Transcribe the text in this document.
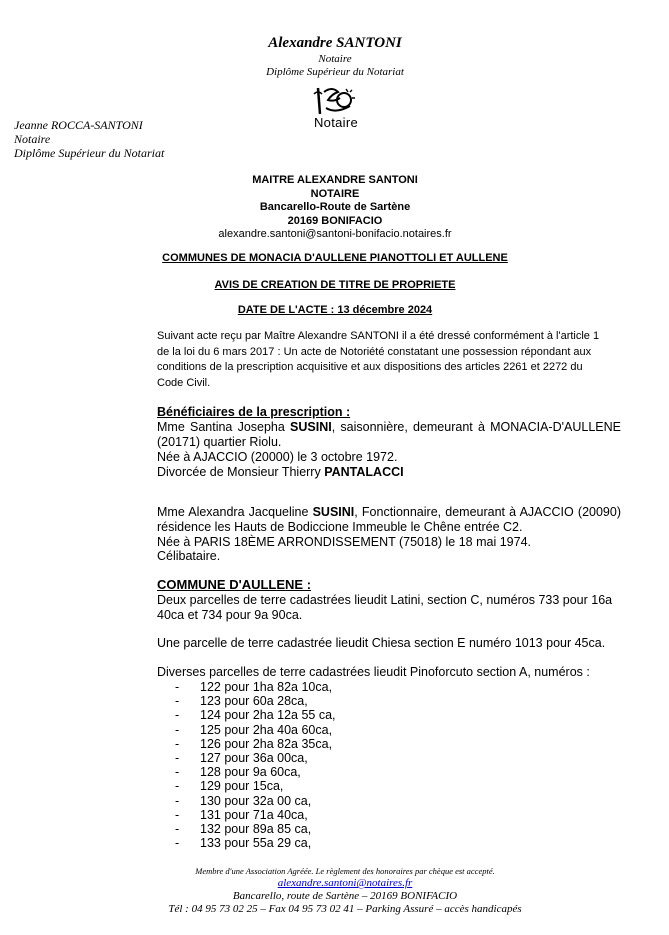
Alexandre SANTONI
Notaire
Diplôme Supérieur du Notariat
Notaire
Jeanne ROCCA-SANTONI
Notaire
Diplôme Supérieur du Notariat
MAITRE ALEXANDRE SANTONI
NOTAIRE
Bancarello-Route de Sartène
20169 BONIFACIO
alexandre.santoni@santoni-bonifacio.notaires.fr
COMMUNES DE MONACIA D'AULLENE PIANOTTOLI ET AULLENE
AVIS DE CREATION DE TITRE DE PROPRIETE
DATE DE L'ACTE : 13 décembre 2024
Suivant acte reçu par Maître Alexandre SANTONI il a été dressé conformément à l'article 1 de la loi du 6 mars 2017 : Un acte de Notoriété constatant une possession répondant aux conditions de la prescription acquisitive et aux dispositions des articles 2261 et 2272 du Code Civil.
Bénéficiaires de la prescription :
Mme Santina Josepha SUSINI, saisonnière, demeurant à MONACIA-D'AULLENE (20171) quartier Riolu.
Née à AJACCIO (20000) le 3 octobre 1972.
Divorcée de Monsieur Thierry PANTALACCI
Mme Alexandra Jacqueline SUSINI, Fonctionnaire, demeurant à AJACCIO (20090) résidence les Hauts de Bodiccione Immeuble le Chêne entrée C2.
Née à PARIS 18ÈME ARRONDISSEMENT (75018) le 18 mai 1974.
Célibataire.
COMMUNE D'AULLENE :
Deux parcelles de terre cadastrées lieudit Latini, section C, numéros 733 pour 16a 40ca et 734 pour 9a 90ca.
Une parcelle de terre cadastrée lieudit Chiesa section E numéro 1013 pour 45ca.
Diverses parcelles de terre cadastrées lieudit Pinoforcuto section A, numéros :
- 122 pour 1ha 82a 10ca,
- 123 pour 60a 28ca,
- 124 pour 2ha 12a 55 ca,
- 125 pour 2ha 40a 60ca,
- 126 pour 2ha 82a 35ca,
- 127 pour 36a 00ca,
- 128 pour 9a 60ca,
- 129 pour 15ca,
- 130 pour 32a 00 ca,
- 131 pour 71a 40ca,
- 132 pour 89a 85 ca,
- 133 pour 55a 29 ca,
Membre d'une Association Agréée. Le règlement des honoraires par chèque est accepté.
alexandre.santoni@notaires.fr
Bancarello, route de Sartène – 20169 BONIFACIO
Tél : 04 95 73 02 25 – Fax 04 95 73 02 41 – Parking Assuré – accès handicapés
